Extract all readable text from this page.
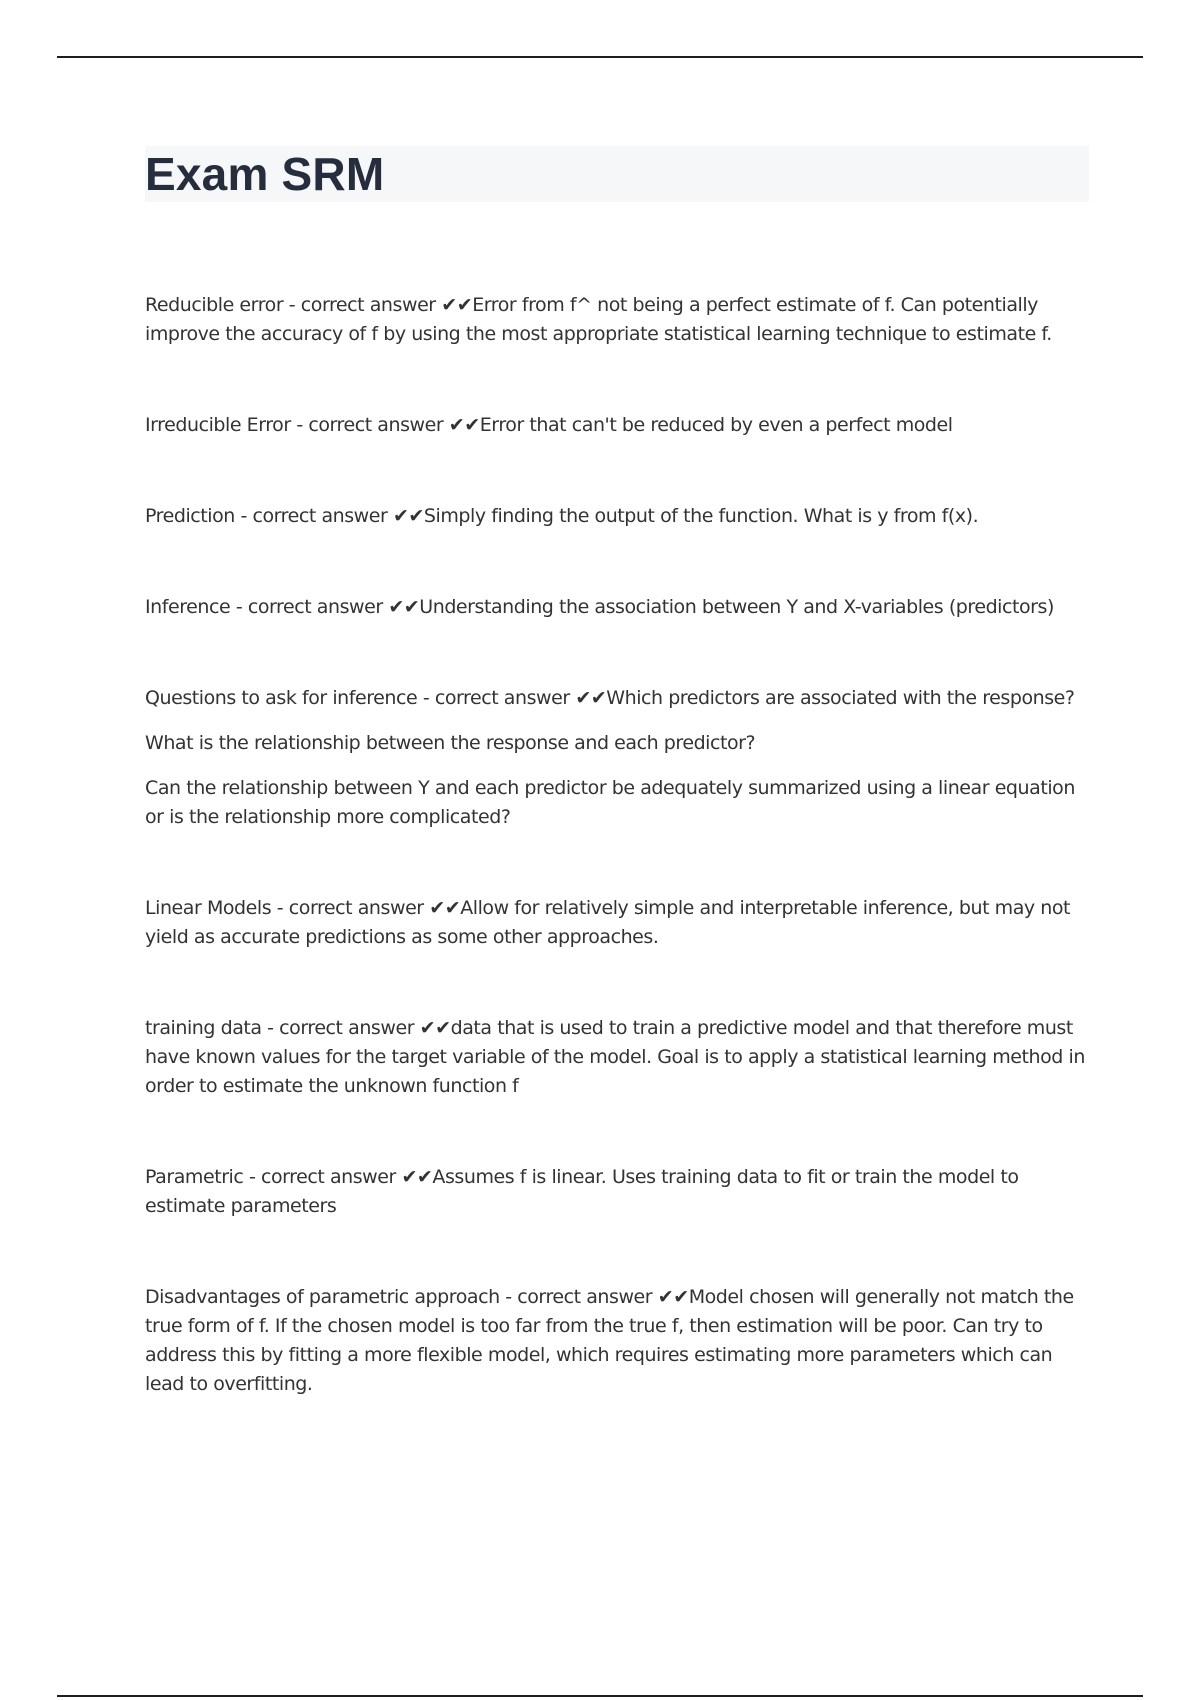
Exam SRM

Reducible error - correct answer ✔✔Error from f^ not being a perfect estimate of f. Can potentially improve the accuracy of f by using the most appropriate statistical learning technique to estimate f.

Irreducible Error - correct answer ✔✔Error that can't be reduced by even a perfect model

Prediction - correct answer ✔✔Simply finding the output of the function. What is y from f(x).

Inference - correct answer ✔✔Understanding the association between Y and X-variables (predictors)

Questions to ask for inference - correct answer ✔✔Which predictors are associated with the response?

What is the relationship between the response and each predictor?

Can the relationship between Y and each predictor be adequately summarized using a linear equation or is the relationship more complicated?

Linear Models - correct answer ✔✔Allow for relatively simple and interpretable inference, but may not yield as accurate predictions as some other approaches.

training data - correct answer ✔✔data that is used to train a predictive model and that therefore must have known values for the target variable of the model. Goal is to apply a statistical learning method in order to estimate the unknown function f

Parametric - correct answer ✔✔Assumes f is linear. Uses training data to fit or train the model to estimate parameters

Disadvantages of parametric approach - correct answer ✔✔Model chosen will generally not match the true form of f. If the chosen model is too far from the true f, then estimation will be poor. Can try to address this by fitting a more flexible model, which requires estimating more parameters which can lead to overfitting.
